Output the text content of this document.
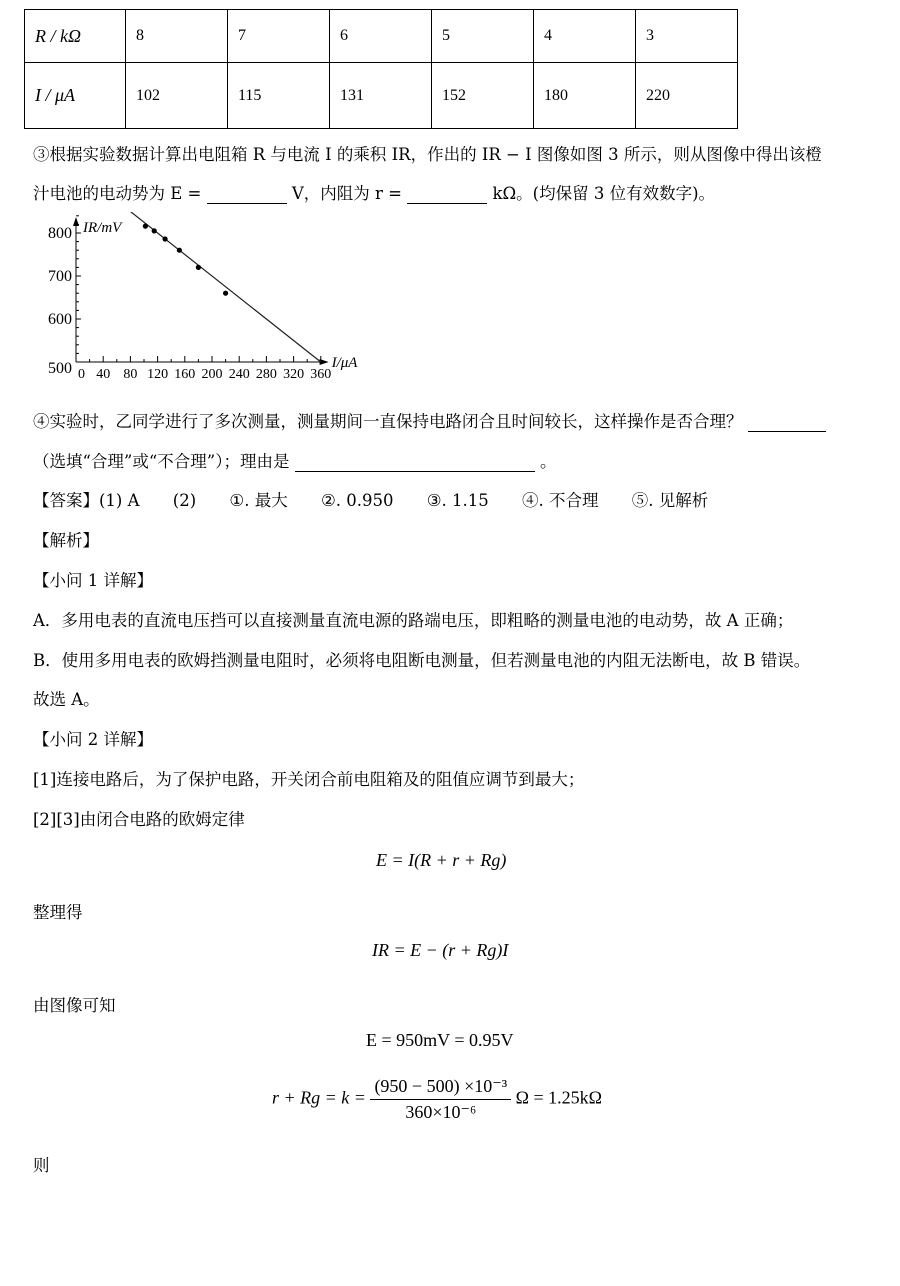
R / kΩ	8	7	6	5	4	3
I / μA	102	115	131	152	180	220
③根据实验数据计算出电阻箱 R 与电流 I 的乘积 IR，作出的 IR − I 图像如图 3 所示，则从图像中得出该橙
汁电池的电动势为 E =	V，内阻为 r =	kΩ。(均保留 3 位有效数字)。
IR/mV
I/μA
800
700
600
500 0 40 80 120 160 200 240 280 320 360
④实验时，乙同学进行了多次测量，测量期间一直保持电路闭合且时间较长，这样操作是否合理？
（选填“合理”或“不合理”）；理由是	。
【答案】(1) A (2) ①. 最大 ②. 0.950 ③. 1.15 ④. 不合理 ⑤. 见解析
【解析】
【小问 1 详解】
A．多用电表的直流电压挡可以直接测量直流电源的路端电压，即粗略的测量电池的电动势，故 A 正确；
B．使用多用电表的欧姆挡测量电阻时，必须将电阻断电测量，但若测量电池的内阻无法断电，故 B 错误。
故选 A。
【小问 2 详解】
[1]连接电路后，为了保护电路，开关闭合前电阻箱及的阻值应调节到最大；
[2][3]由闭合电路的欧姆定律
E = I(R + r + Rg)
整理得
IR = E − (r + Rg)I
由图像可知
E = 950mV = 0.95V
$r + Rg = k = \frac{\text{(950 − 500) ×10⁻³}}{\text{360×10⁻⁶}}$ Ω = 1.25kΩ
则
